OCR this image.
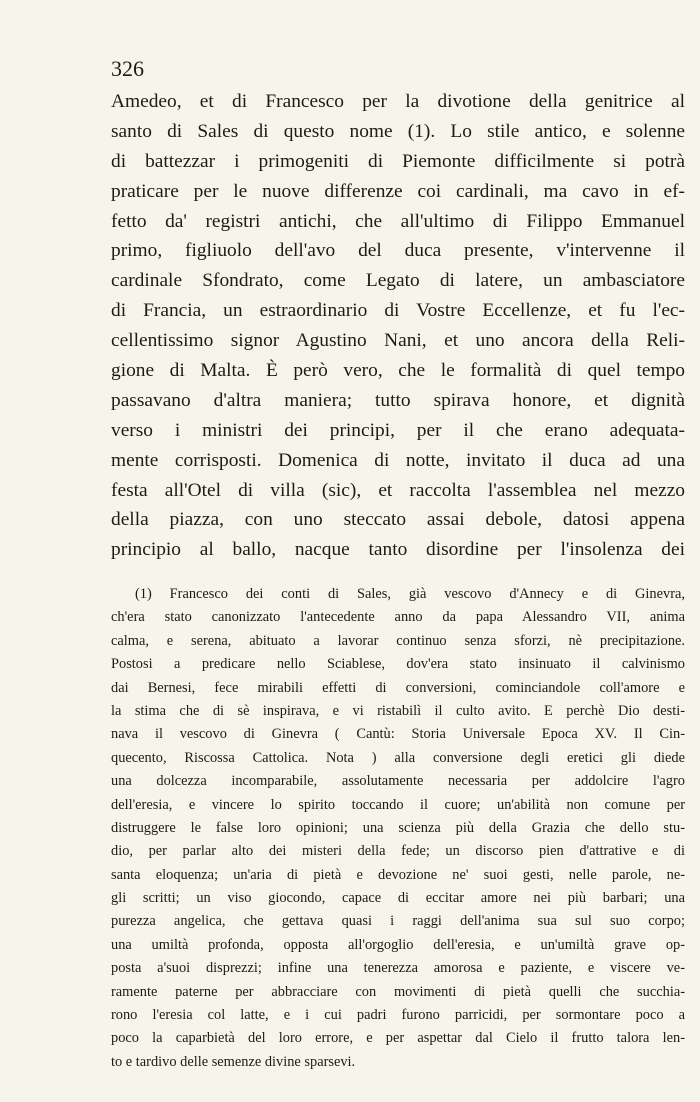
326
Amedeo, et di Francesco per la divotione della genitrice al
santo di Sales di questo nome (1). Lo stile antico, e solenne
di battezzar i primogeniti di Piemonte difficilmente si potrà
praticare per le nuove differenze coi cardinali, ma cavo in ef-
fetto da' registri antichi, che all'ultimo di Filippo Emmanuel
primo, figliuolo dell'avo del duca presente, v'intervenne il
cardinale Sfondrato, come Legato di latere, un ambasciatore
di Francia, un estraordinario di Vostre Eccellenze, et fu l'ec-
cellentissimo signor Agustino Nani, et uno ancora della Reli-
gione di Malta. È però vero, che le formalità di quel tempo
passavano d'altra maniera; tutto spirava honore, et dignità
verso i ministri dei principi, per il che erano adequata-
mente corrisposti. Domenica di notte, invitato il duca ad una
festa all'Otel di villa (sic), et raccolta l'assemblea nel mezzo
della piazza, con uno steccato assai debole, datosi appena
principio al ballo, nacque tanto disordine per l'insolenza dei
(1) Francesco dei conti di Sales, già vescovo d'Annecy e di Ginevra,
ch'era stato canonizzato l'antecedente anno da papa Alessandro VII, anima
calma, e serena, abituato a lavorar continuo senza sforzi, nè precipitazione.
Postosi a predicare nello Sciablese, dov'era stato insinuato il calvinismo
dai Bernesi, fece mirabili effetti di conversioni, cominciandole coll'amore e
la stima che di sè inspirava, e vi ristabilì il culto avito. E perchè Dio desti-
nava il vescovo di Ginevra ( Cantù: Storia Universale Epoca XV. Il Cin-
quecento, Riscossa Cattolica. Nota ) alla conversione degli eretici gli diede
una dolcezza incomparabile, assolutamente necessaria per addolcire l'agro
dell'eresia, e vincere lo spirito toccando il cuore; un'abilità non comune per
distruggere le false loro opinioni; una scienza più della Grazia che dello stu-
dio, per parlar alto dei misteri della fede; un discorso pien d'attrative e di
santa eloquenza; un'aria di pietà e devozione ne' suoi gesti, nelle parole, ne-
gli scritti; un viso giocondo, capace di eccitar amore nei più barbari; una
purezza angelica, che gettava quasi i raggi dell'anima sua sul suo corpo;
una umiltà profonda, opposta all'orgoglio dell'eresia, e un'umiltà grave op-
posta a'suoi disprezzi; infine una tenerezza amorosa e paziente, e viscere ve-
ramente paterne per abbracciare con movimenti di pietà quelli che succhia-
rono l'eresia col latte, e i cui padri furono parricidi, per sormontare poco a
poco la caparbietà del loro errore, e per aspettar dal Cielo il frutto talora len-
to e tardivo delle semenze divine sparsevi.
